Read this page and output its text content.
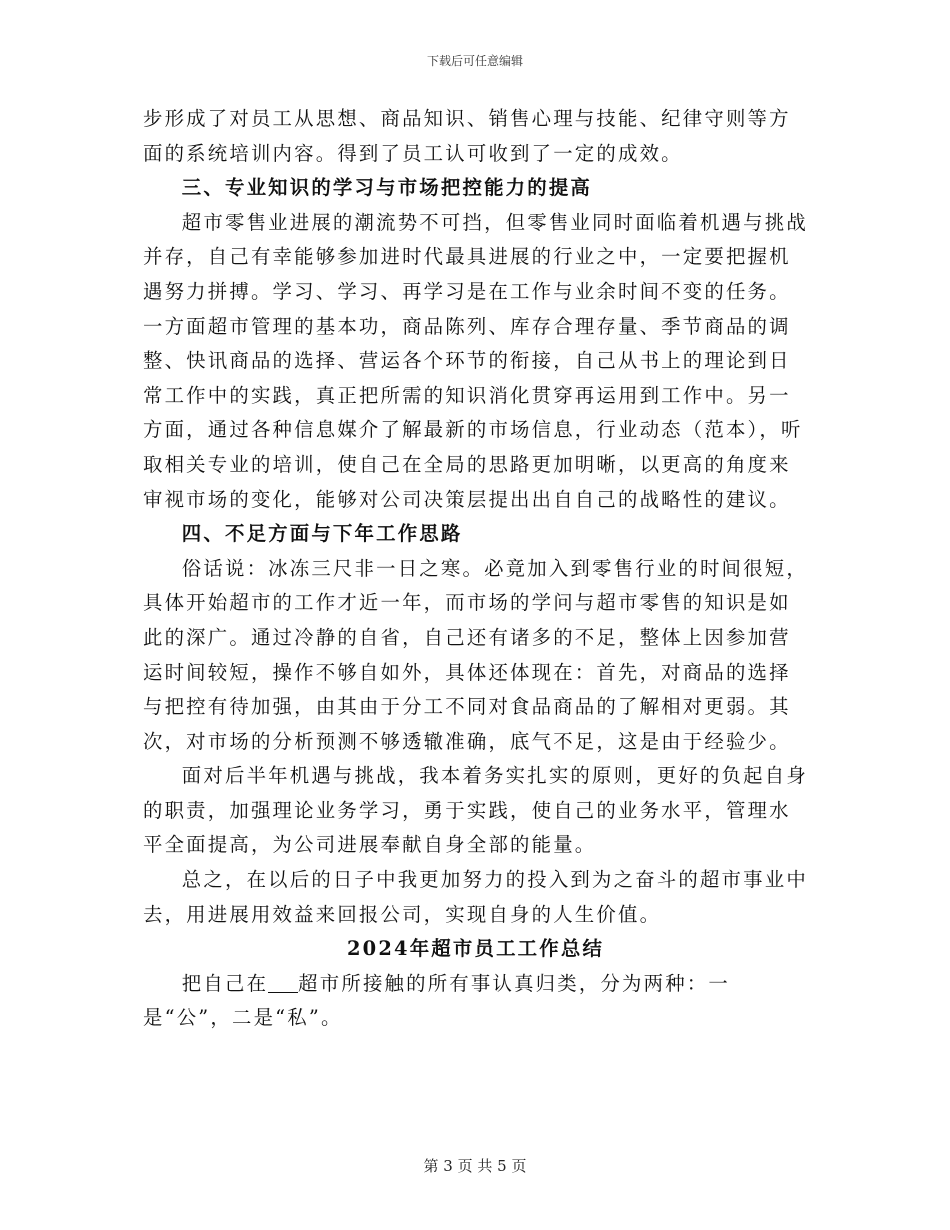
下载后可任意编辑

步形成了对员工从思想、商品知识、销售心理与技能、纪律守则等方面的系统培训内容。得到了员工认可收到了一定的成效。

三、专业知识的学习与市场把控能力的提高

超市零售业进展的潮流势不可挡，但零售业同时面临着机遇与挑战并存，自己有幸能够参加进时代最具进展的行业之中，一定要把握机遇努力拼搏。学习、学习、再学习是在工作与业余时间不变的任务。一方面超市管理的基本功，商品陈列、库存合理存量、季节商品的调整、快讯商品的选择、营运各个环节的衔接，自己从书上的理论到日常工作中的实践，真正把所需的知识消化贯穿再运用到工作中。另一方面，通过各种信息媒介了解最新的市场信息，行业动态（范本），听取相关专业的培训，使自己在全局的思路更加明晰，以更高的角度来审视市场的变化，能够对公司决策层提出出自自己的战略性的建议。

四、不足方面与下年工作思路

俗话说：冰冻三尺非一日之寒。必竟加入到零售行业的时间很短，具体开始超市的工作才近一年，而市场的学问与超市零售的知识是如此的深广。通过冷静的自省，自己还有诸多的不足，整体上因参加营运时间较短，操作不够自如外，具体还体现在：首先，对商品的选择与把控有待加强，由其由于分工不同对食品商品的了解相对更弱。其次，对市场的分析预测不够透辙准确，底气不足，这是由于经验少。

面对后半年机遇与挑战，我本着务实扎实的原则，更好的负起自身的职责，加强理论业务学习，勇于实践，使自己的业务水平，管理水平全面提高，为公司进展奉献自身全部的能量。

总之，在以后的日子中我更加努力的投入到为之奋斗的超市事业中去，用进展用效益来回报公司，实现自身的人生价值。

2024年超市员工工作总结

把自己在 超市所接触的所有事认真归类，分为两种：一是“公”，二是“私”。

第 3 页 共 5 页
